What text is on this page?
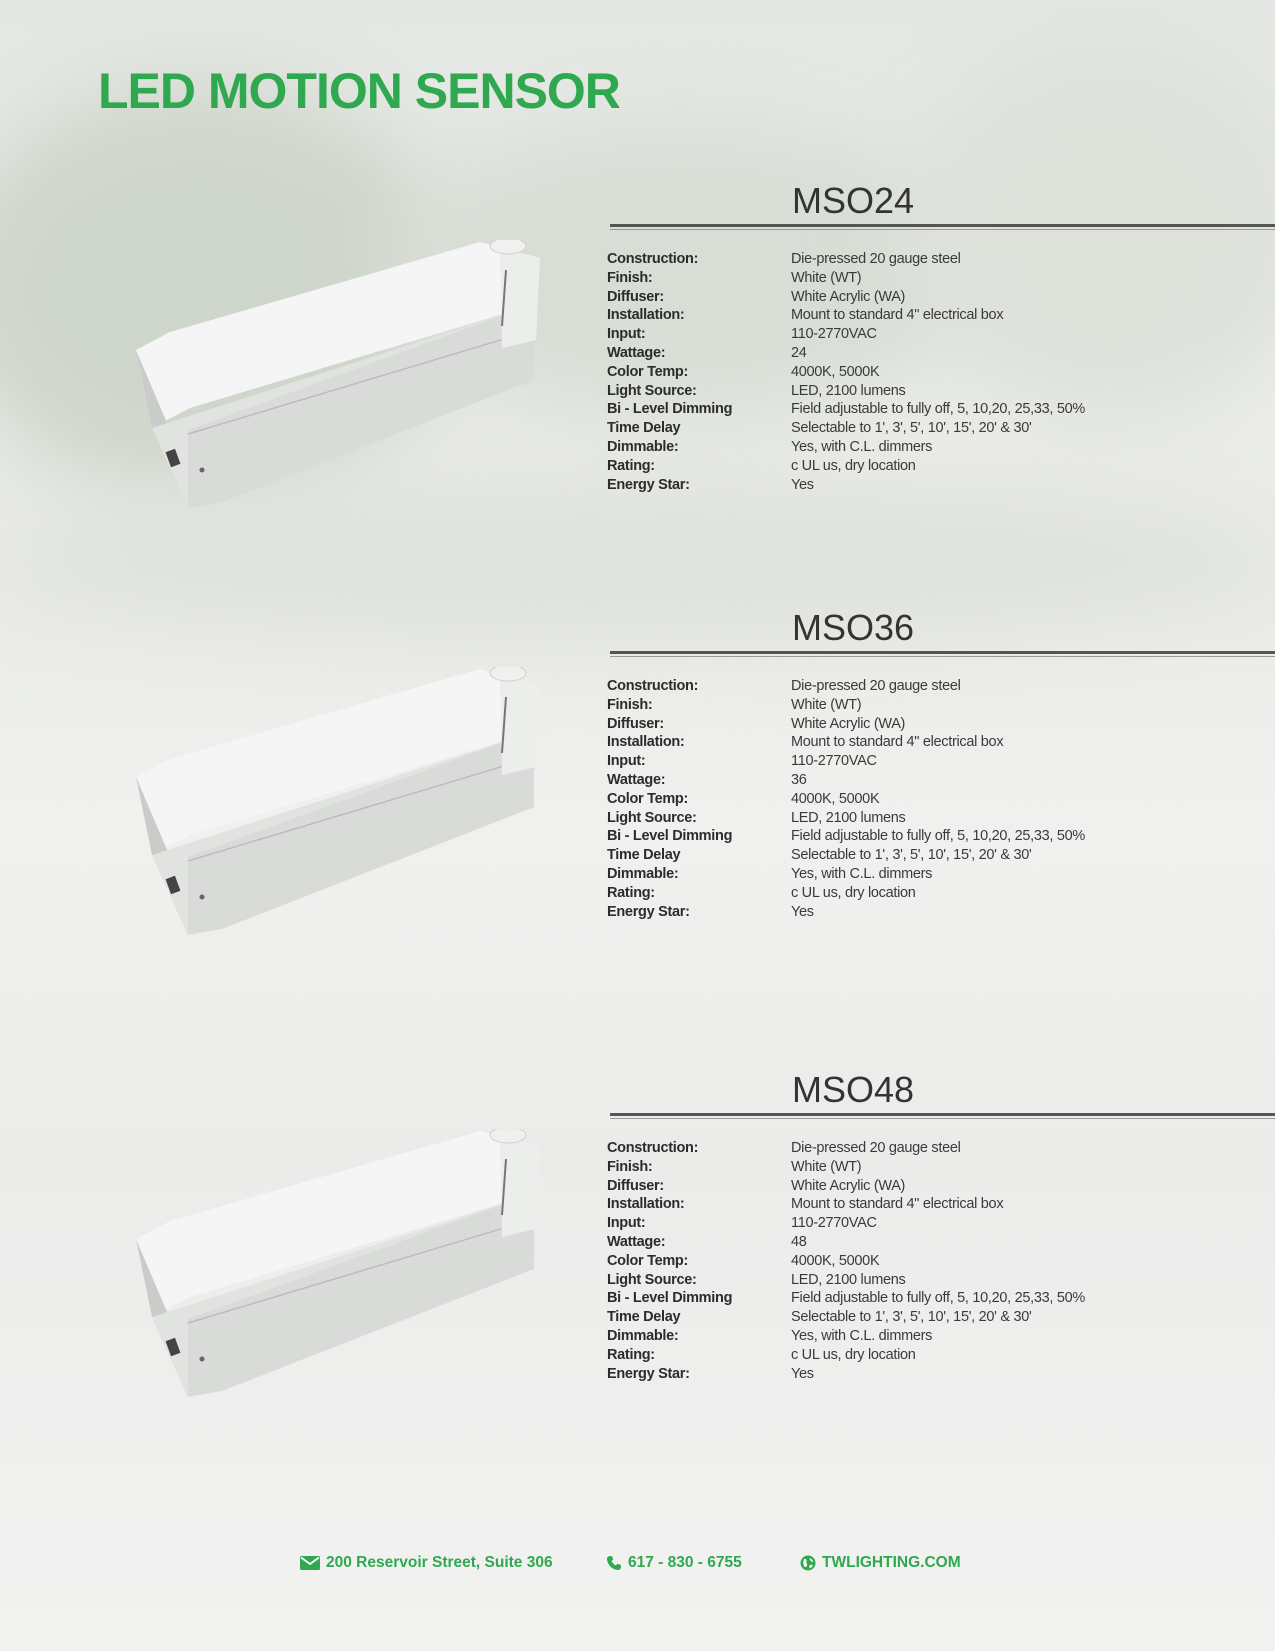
LED MOTION SENSOR
MSO24
Construction:	Die-pressed 20 gauge steel
Finish:	White (WT)
Diffuser:	White Acrylic (WA)
Installation:	Mount to standard 4" electrical box
Input:	110-2770VAC
Wattage:	24
Color Temp:	4000K, 5000K
Light Source:	LED, 2100 lumens
Bi - Level Dimming	Field adjustable to fully off, 5, 10,20, 25,33, 50%
Time Delay	Selectable to 1', 3', 5', 10', 15', 20' & 30'
Dimmable:	Yes, with C.L. dimmers
Rating:	c UL us, dry location
Energy Star:	Yes
MSO36
Construction:	Die-pressed 20 gauge steel
Finish:	White (WT)
Diffuser:	White Acrylic (WA)
Installation:	Mount to standard 4" electrical box
Input:	110-2770VAC
Wattage:	36
Color Temp:	4000K, 5000K
Light Source:	LED, 2100 lumens
Bi - Level Dimming	Field adjustable to fully off, 5, 10,20, 25,33, 50%
Time Delay	Selectable to 1', 3', 5', 10', 15', 20' & 30'
Dimmable:	Yes, with C.L. dimmers
Rating:	c UL us, dry location
Energy Star:	Yes
MSO48
Construction:	Die-pressed 20 gauge steel
Finish:	White (WT)
Diffuser:	White Acrylic (WA)
Installation:	Mount to standard 4" electrical box
Input:	110-2770VAC
Wattage:	48
Color Temp:	4000K, 5000K
Light Source:	LED, 2100 lumens
Bi - Level Dimming	Field adjustable to fully off, 5, 10,20, 25,33, 50%
Time Delay	Selectable to 1', 3', 5', 10', 15', 20' & 30'
Dimmable:	Yes, with C.L. dimmers
Rating:	c UL us, dry location
Energy Star:	Yes
200 Reservoir Street, Suite 306	617 - 830 - 6755	TWLIGHTING.COM
